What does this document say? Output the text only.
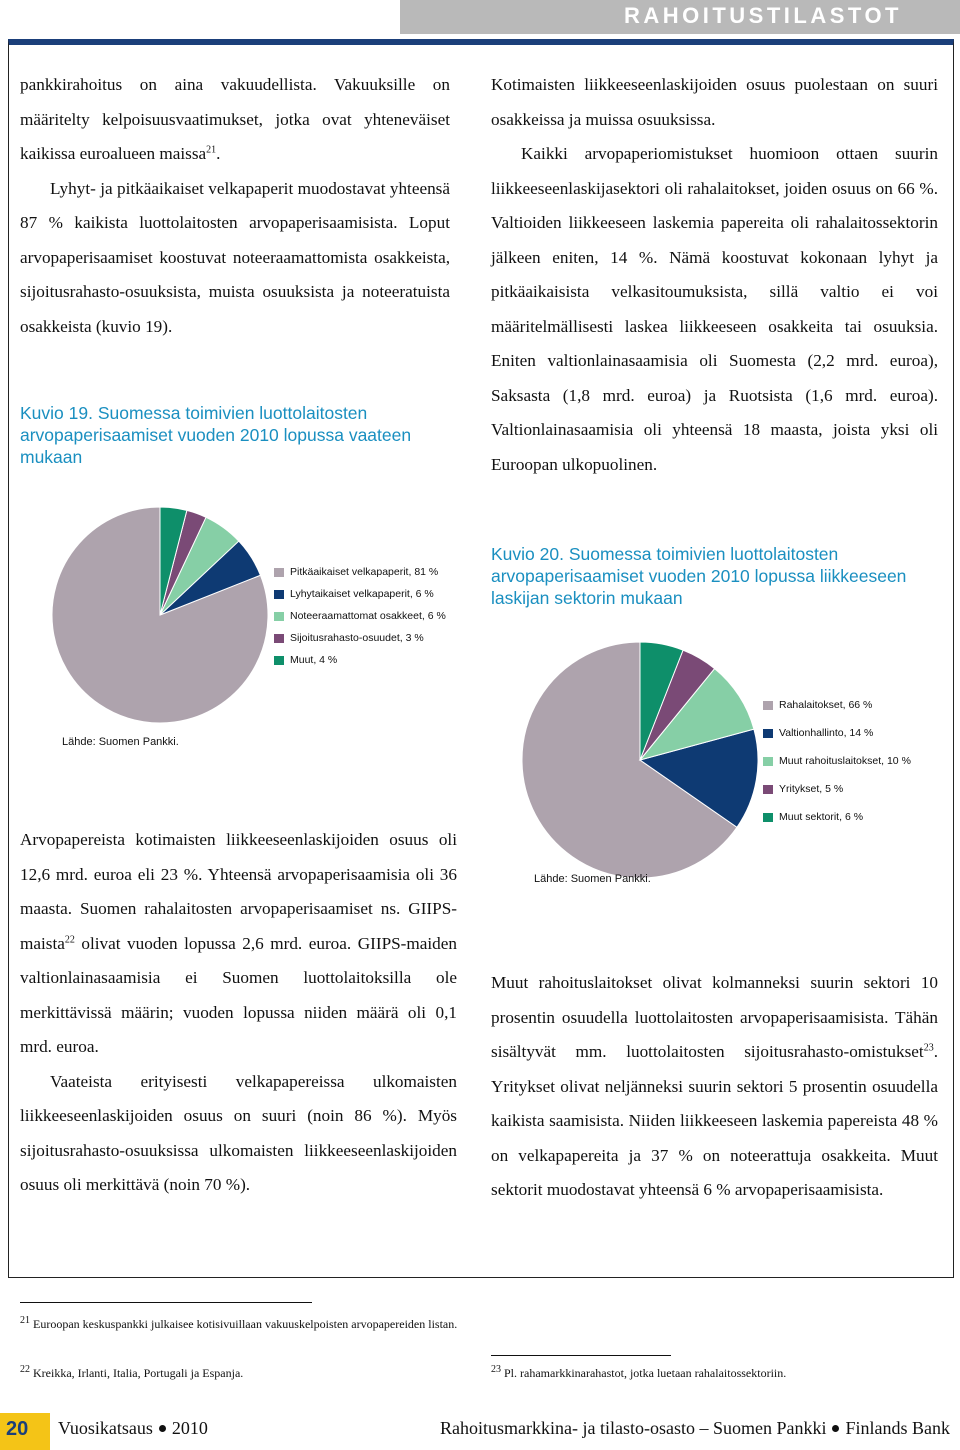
RAHOITUSTILASTOT

pankkirahoitus on aina vakuudellista. Vakuuksille on määritelty kelpoisuusvaatimukset, jotka ovat yhteneväiset kaikissa euroalueen maissa$^{21}$.

Lyhyt- ja pitkäaikaiset velkapaperit muodostavat yhteensä 87 % kaikista luottolaitosten arvopaperisaamisista. Loput arvopaperisaamiset koostuvat noteeraamattomista osakkeista, sijoitusrahasto-osuuksista, muista osuuksista ja noteeratuista osakkeista (kuvio 19).

Kuvio 19. Suomessa toimivien luottolaitosten arvopaperisaamiset vuoden 2010 lopussa vaateen mukaan
Pitkäaikaiset velkapaperit, 81 %
Lyhytaikaiset velkapaperit, 6 %
Noteeraamattomat osakkeet, 6 %
Sijoitusrahasto-osuudet, 3 %
Muut, 4 %
Lähde: Suomen Pankki.

Arvopapereista kotimaisten liikkeeseenlaskijoiden osuus oli 12,6 mrd. euroa eli 23 %. Yhteensä arvopaperisaamisia oli 36 maasta. Suomen rahalaitosten arvopaperisaamiset ns. GIIPS-maista$^{22}$ olivat vuoden lopussa 2,6 mrd. euroa. GIIPS-maiden valtionlainasaamisia ei Suomen luottolaitoksilla ole merkittävissä määrin; vuoden lopussa niiden määrä oli 0,1 mrd. euroa.

Vaateista erityisesti velkapapereissa ulkomaisten liikkeeseenlaskijoiden osuus on suuri (noin 86 %). Myös sijoitusrahasto-osuuksissa ulkomaisten liikkeeseenlaskijoiden osuus oli merkittävä (noin 70 %).

Kotimaisten liikkeeseenlaskijoiden osuus puolestaan on suuri osakkeissa ja muissa osuuksissa.

Kaikki arvopaperiomistukset huomioon ottaen suurin liikkeeseenlaskijasektori oli rahalaitokset, joiden osuus on 66 %. Valtioiden liikkeeseen laskemia papereita oli rahalaitossektorin jälkeen eniten, 14 %. Nämä koostuvat kokonaan lyhyt ja pitkäaikaisista velkasitoumuksista, sillä valtio ei voi määritelmällisesti laskea liikkeeseen osakkeita tai osuuksia. Eniten valtionlainasaamisia oli Suomesta (2,2 mrd. euroa), Saksasta (1,8 mrd. euroa) ja Ruotsista (1,6 mrd. euroa). Valtionlainasaamisia oli yhteensä 18 maasta, joista yksi oli Euroopan ulkopuolinen.

Kuvio 20. Suomessa toimivien luottolaitosten arvopaperisaamiset vuoden 2010 lopussa liikkeeseen laskijan sektorin mukaan
Rahalaitokset, 66 %
Valtionhallinto, 14 %
Muut rahoituslaitokset, 10 %
Yritykset, 5 %
Muut sektorit, 6 %
Lähde: Suomen Pankki.

Muut rahoituslaitokset olivat kolmanneksi suurin sektori 10 prosentin osuudella luottolaitosten arvopaperisaamisista. Tähän sisältyvät mm. luottolaitosten sijoitusrahasto-omistukset$^{23}$. Yritykset olivat neljänneksi suurin sektori 5 prosentin osuudella kaikista saamisista. Niiden liikkeeseen laskemia papereista 48 % on velkapapereita ja 37 % on noteerattuja osakkeita. Muut sektorit muodostavat yhteensä 6 % arvopaperisaamisista.

$^{21}$ Euroopan keskuspankki julkaisee kotisivuillaan vakuuskelpoisten arvopapereiden listan.
$^{22}$ Kreikka, Irlanti, Italia, Portugali ja Espanja.	$^{23}$ Pl. rahamarkkinarahastot, jotka luetaan rahalaitossektoriin.
20 Vuosikatsaus 2010	Rahoitusmarkkina- ja tilasto-osasto – Suomen Pankki Finlands Bank
